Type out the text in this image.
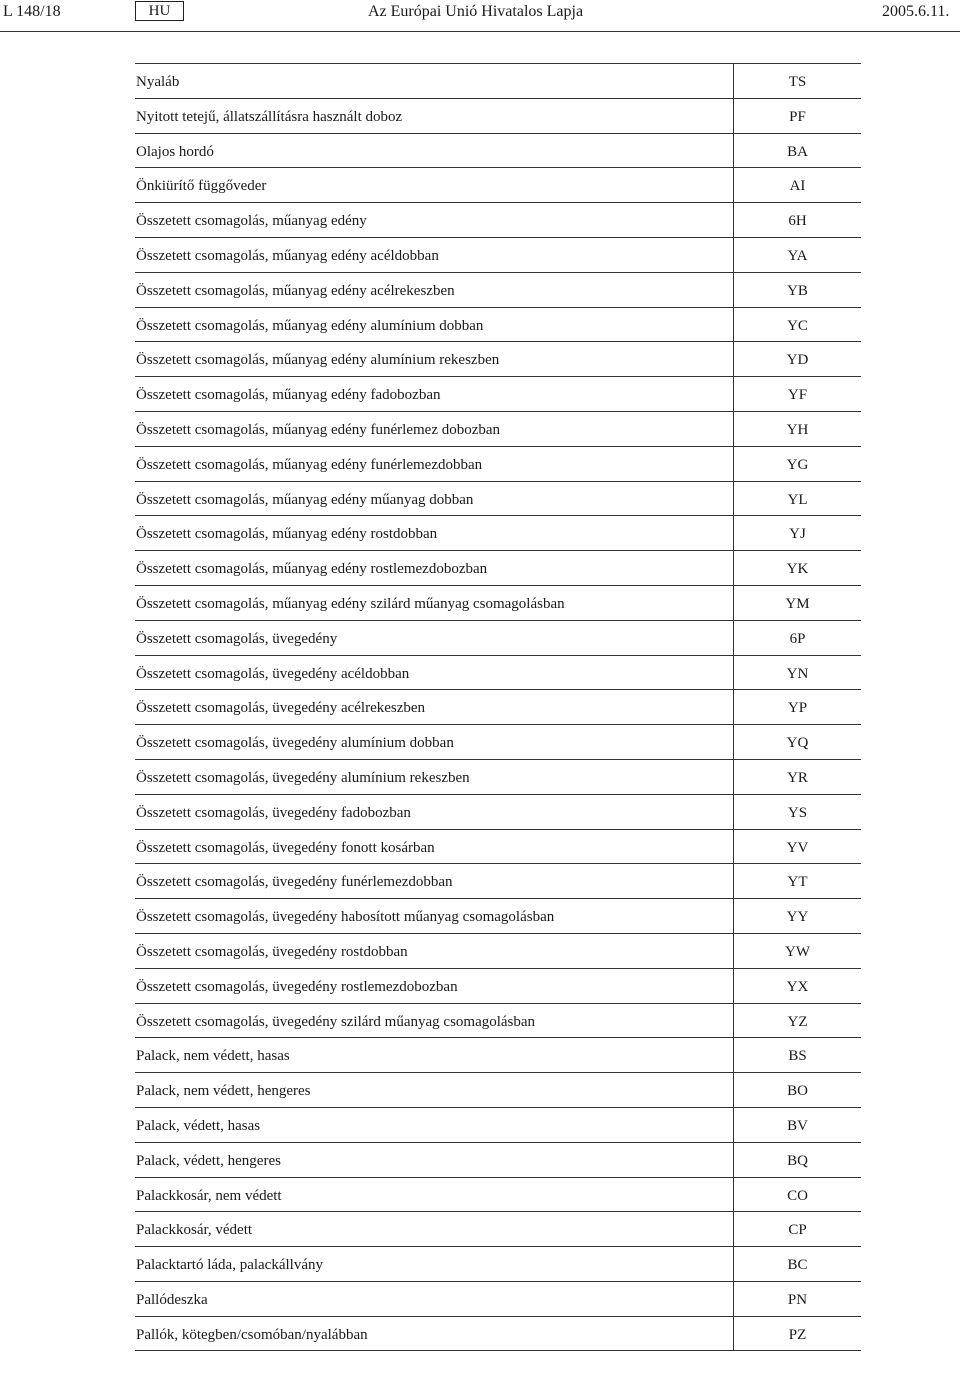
L 148/18	HU	Az Európai Unió Hivatalos Lapja	2005.6.11.
Nyaláb	TS
Nyitott tetejű, állatszállításra használt doboz	PF
Olajos hordó	BA
Önkiürítő függőveder	AI
Összetett csomagolás, műanyag edény	6H
Összetett csomagolás, műanyag edény acéldobban	YA
Összetett csomagolás, műanyag edény acélrekeszben	YB
Összetett csomagolás, műanyag edény alumínium dobban	YC
Összetett csomagolás, műanyag edény alumínium rekeszben	YD
Összetett csomagolás, műanyag edény fadobozban	YF
Összetett csomagolás, műanyag edény funérlemez dobozban	YH
Összetett csomagolás, műanyag edény funérlemezdobban	YG
Összetett csomagolás, műanyag edény műanyag dobban	YL
Összetett csomagolás, műanyag edény rostdobban	YJ
Összetett csomagolás, műanyag edény rostlemezdobozban	YK
Összetett csomagolás, műanyag edény szilárd műanyag csomagolásban	YM
Összetett csomagolás, üvegedény	6P
Összetett csomagolás, üvegedény acéldobban	YN
Összetett csomagolás, üvegedény acélrekeszben	YP
Összetett csomagolás, üvegedény alumínium dobban	YQ
Összetett csomagolás, üvegedény alumínium rekeszben	YR
Összetett csomagolás, üvegedény fadobozban	YS
Összetett csomagolás, üvegedény fonott kosárban	YV
Összetett csomagolás, üvegedény funérlemezdobban	YT
Összetett csomagolás, üvegedény habosított műanyag csomagolásban	YY
Összetett csomagolás, üvegedény rostdobban	YW
Összetett csomagolás, üvegedény rostlemezdobozban	YX
Összetett csomagolás, üvegedény szilárd műanyag csomagolásban	YZ
Palack, nem védett, hasas	BS
Palack, nem védett, hengeres	BO
Palack, védett, hasas	BV
Palack, védett, hengeres	BQ
Palackkosár, nem védett	CO
Palackkosár, védett	CP
Palacktartó láda, palackállvány	BC
Pallódeszka	PN
Pallók, kötegben/csomóban/nyalábban	PZ
